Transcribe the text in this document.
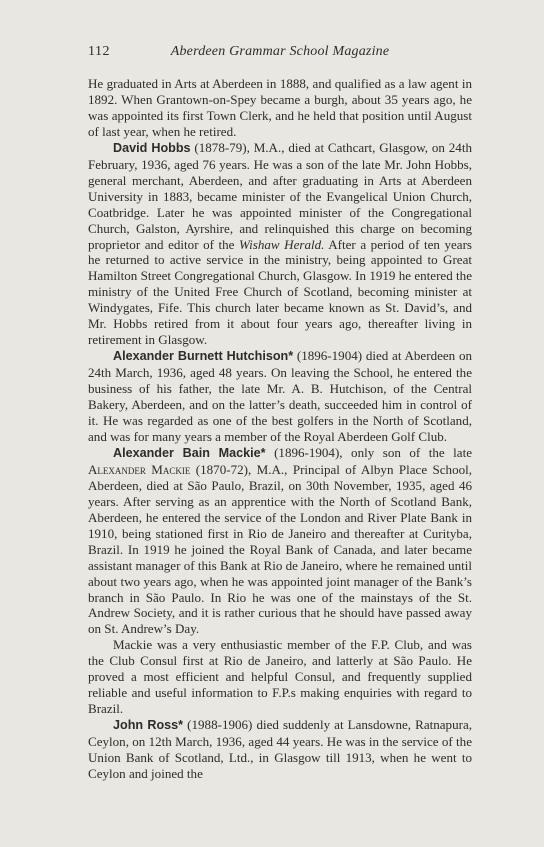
112	Aberdeen Grammar School Magazine

He graduated in Arts at Aberdeen in 1888, and qualified as a law agent in 1892. When Grantown-on-Spey became a burgh, about 35 years ago, he was appointed its first Town Clerk, and he held that position until August of last year, when he retired.

David Hobbs (1878-79), M.A., died at Cathcart, Glasgow, on 24th February, 1936, aged 76 years. He was a son of the late Mr. John Hobbs, general merchant, Aberdeen, and after graduating in Arts at Aberdeen University in 1883, became minister of the Evangelical Union Church, Coatbridge. Later he was appointed minister of the Congregational Church, Galston, Ayrshire, and relinquished this charge on becoming proprietor and editor of the Wishaw Herald. After a period of ten years he returned to active service in the ministry, being appointed to Great Hamilton Street Congregational Church, Glasgow. In 1919 he entered the ministry of the United Free Church of Scotland, becoming minister at Windygates, Fife. This church later became known as St. David’s, and Mr. Hobbs retired from it about four years ago, thereafter living in retirement in Glasgow.

Alexander Burnett Hutchison* (1896-1904) died at Aberdeen on 24th March, 1936, aged 48 years. On leaving the School, he entered the business of his father, the late Mr. A. B. Hutchison, of the Central Bakery, Aberdeen, and on the latter’s death, succeeded him in control of it. He was regarded as one of the best golfers in the North of Scotland, and was for many years a member of the Royal Aberdeen Golf Club.

Alexander Bain Mackie* (1896-1904), only son of the late Alexander Mackie (1870-72), M.A., Principal of Albyn Place School, Aberdeen, died at São Paulo, Brazil, on 30th November, 1935, aged 46 years. After serving as an apprentice with the North of Scotland Bank, Aberdeen, he entered the service of the London and River Plate Bank in 1910, being stationed first in Rio de Janeiro and thereafter at Curityba, Brazil. In 1919 he joined the Royal Bank of Canada, and later became assistant manager of this Bank at Rio de Janeiro, where he remained until about two years ago, when he was appointed joint manager of the Bank’s branch in São Paulo. In Rio he was one of the mainstays of the St. Andrew Society, and it is rather curious that he should have passed away on St. Andrew’s Day.

Mackie was a very enthusiastic member of the F.P. Club, and was the Club Consul first at Rio de Janeiro, and latterly at São Paulo. He proved a most efficient and helpful Consul, and frequently supplied reliable and useful information to F.P.s making enquiries with regard to Brazil.

John Ross* (1988-1906) died suddenly at Lansdowne, Ratnapura, Ceylon, on 12th March, 1936, aged 44 years. He was in the service of the Union Bank of Scotland, Ltd., in Glasgow till 1913, when he went to Ceylon and joined the
